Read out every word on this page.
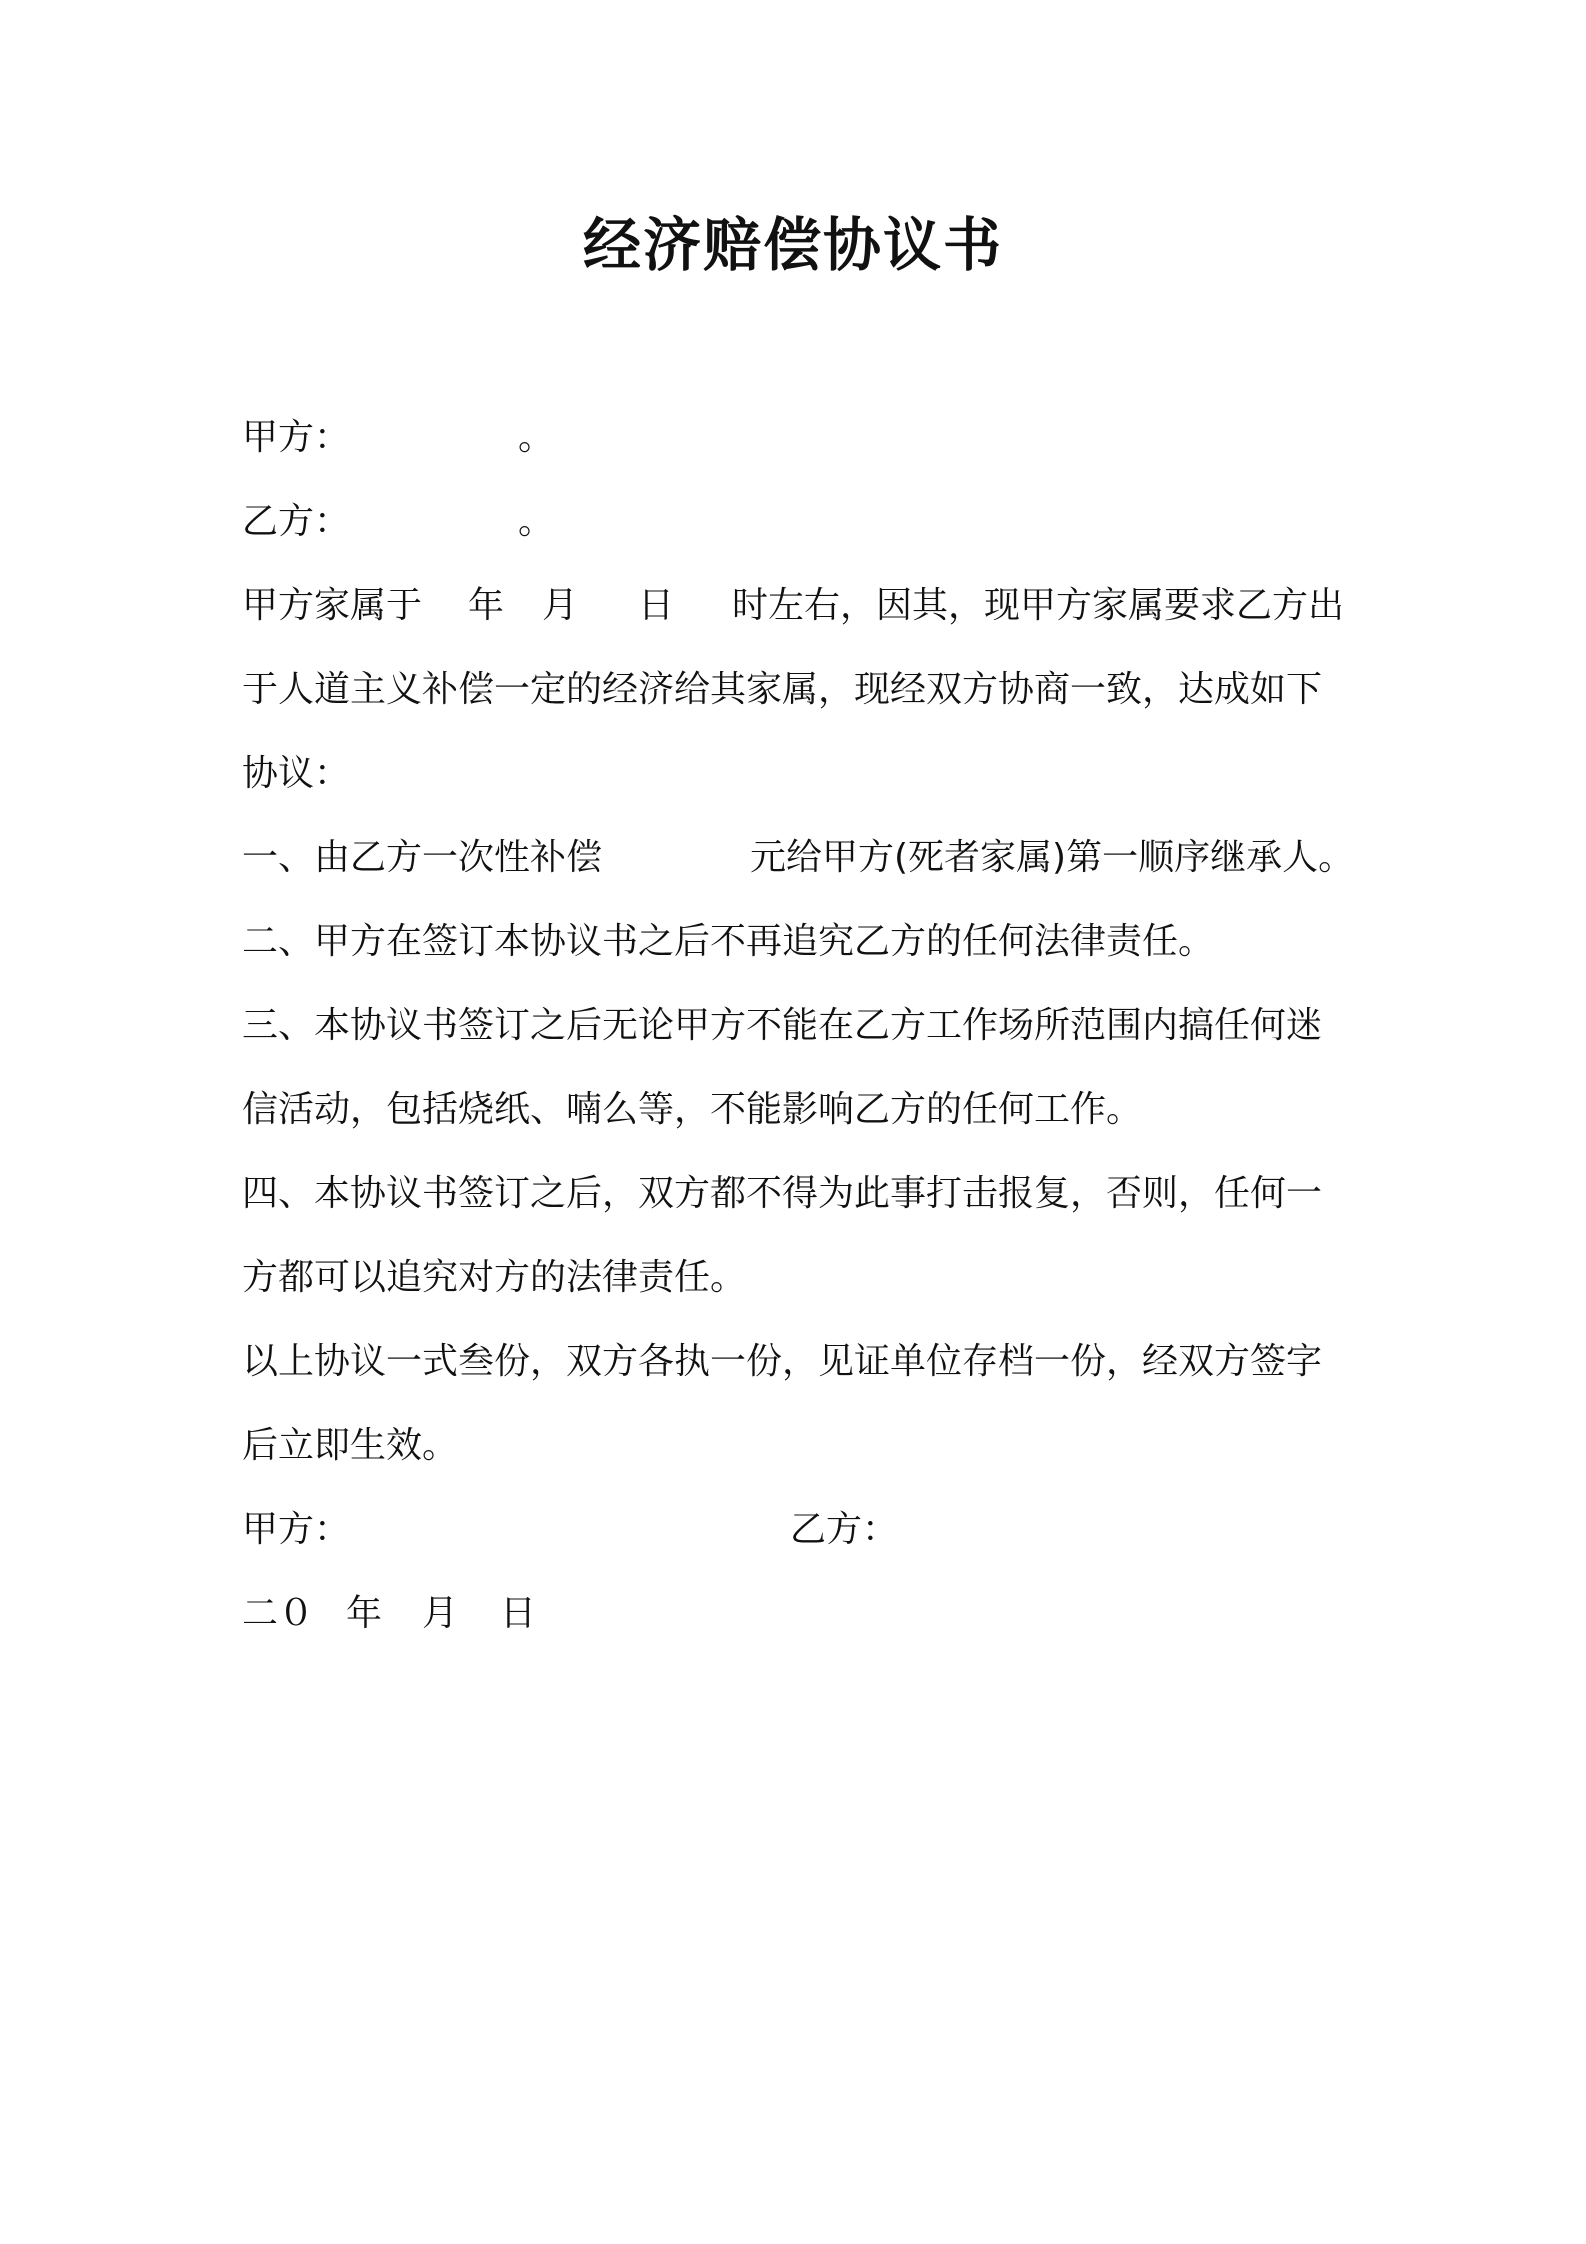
经济赔偿协议书

甲方：

	。

乙方：

	。

甲方家属于

年

月

日

时左右，因其，现甲方家属要求乙方出

于人道主义补偿一定的经济给其家属，现经双方协商一致，达成如下
协议：

一、由乙方一次性补偿

	元给甲方(死者家属)第一顺序继承人。

二、甲方在签订本协议书之后不再追究乙方的任何法律责任。
三、本协议书签订之后无论甲方不能在乙方工作场所范围内搞任何迷
信活动，包括烧纸、喃么等，不能影响乙方的任何工作。
四、本协议书签订之后，双方都不得为此事打击报复，否则，任何一
方都可以追究对方的法律责任。
以上协议一式叁份，双方各执一份，见证单位存档一份，经双方签字
后立即生效。

甲方：

	乙方：

二０

年

月

日
